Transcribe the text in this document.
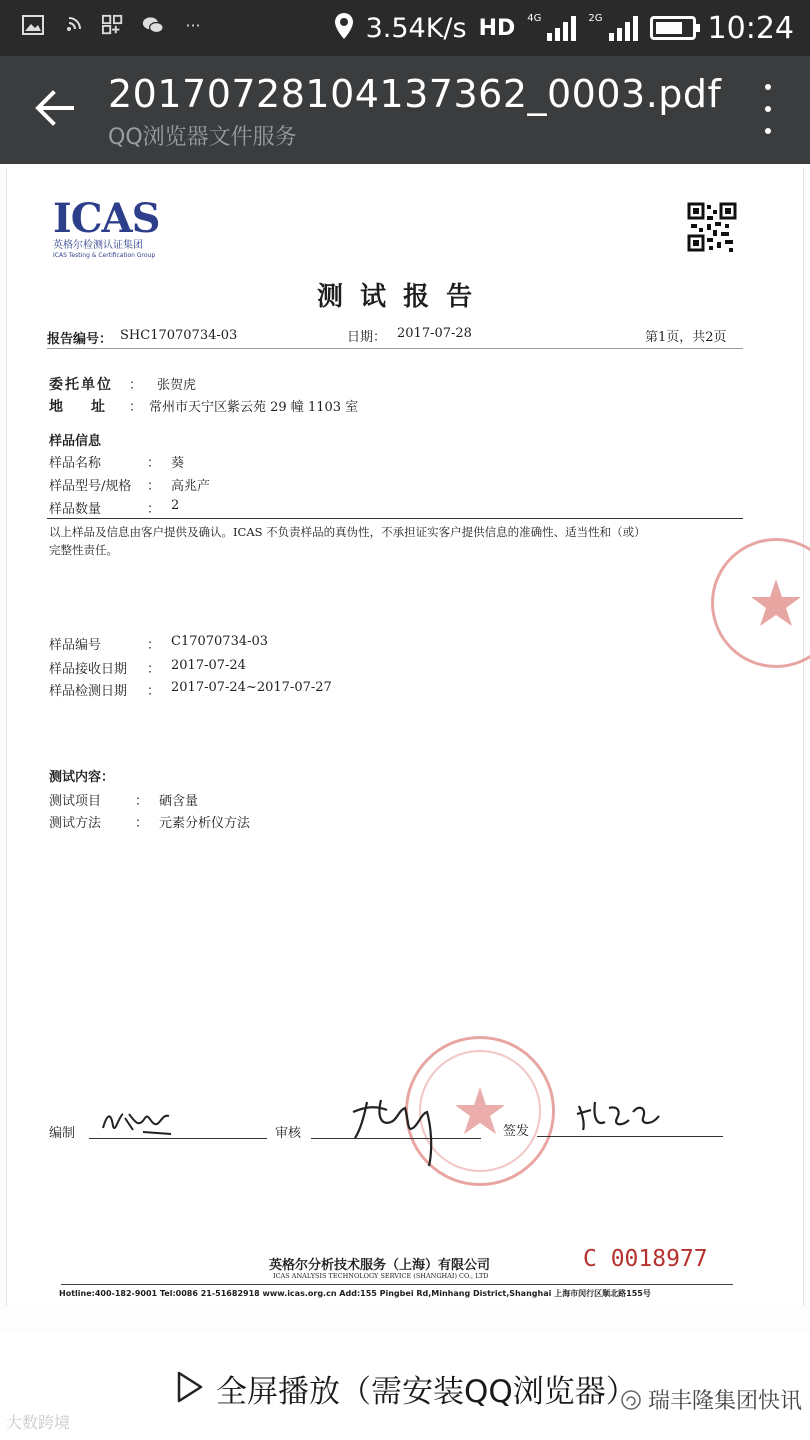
···	3.54K/s HD 4G	2G	10:24
20170728104137362_0003.pdf
QQ浏览器文件服务
ICAS
英格尔检测认证集团
ICAS Testing & Certification Group
测 试 报 告
报告编号： SHC17070734-03	日期： 2017-07-28	第1页，共2页
委托单位 ： 张贺虎
地　　址 ： 常州市天宁区紫云苑 29 幢 1103 室
样品信息
样品名称	： 葵
样品型号/规格 ： 高兆产
样品数量	： 2
以上样品及信息由客户提供及确认。ICAS 不负责样品的真伪性，不承担证实客户提供信息的准确性、适当性和（或）
完整性责任。
样品编号	： C17070734-03
样品接收日期 ： 2017-07-24
样品检测日期 ： 2017-07-24~2017-07-27
测试内容：
测试项目	： 硒含量
测试方法	： 元素分析仪方法
编制	审核	签发
英格尔分析技术服务（上海）有限公司
ICAS ANALYSIS TECHNOLOGY SERVICE (SHANGHAI) CO., LTD
C 0018977
Hotline:400-182-9001 Tel:0086 21-51682918 www.icas.org.cn Add:155 Pingbei Rd,Minhang District,Shanghai 上海市闵行区顺北路155号
全屏播放（需安装QQ浏览器）
大数跨境
瑞丰隆集团快讯
